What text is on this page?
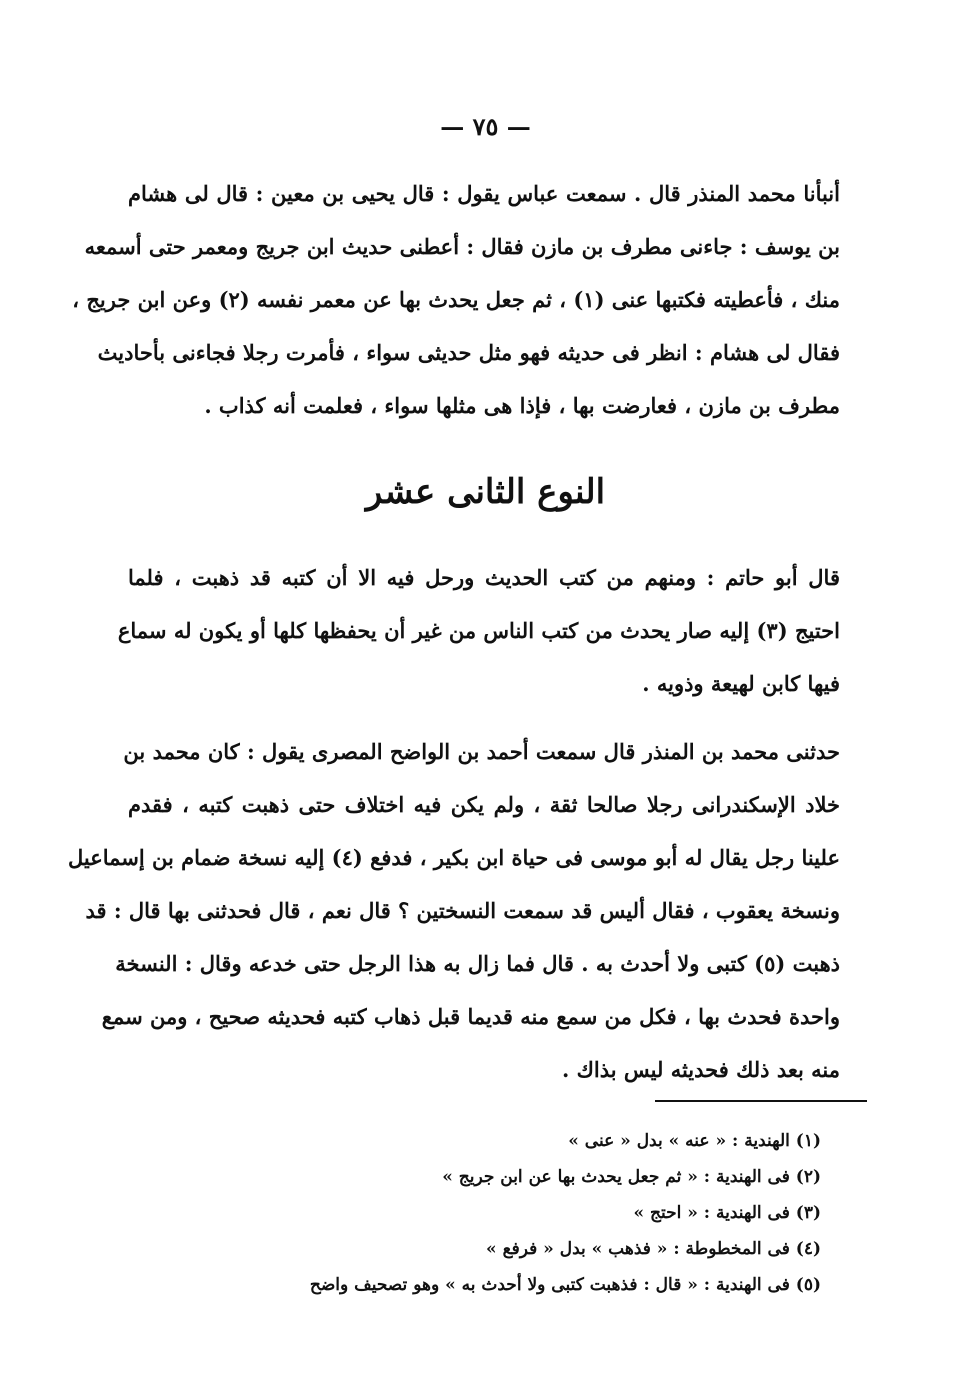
— ٧٥ —
أنبأنا محمد المنذر قال . سمعت عباس يقول : قال يحيى بن معين : قال لى هشام
بن يوسف : جاءنى مطرف بن مازن فقال : أعطنى حديث ابن جريج ومعمر حتى أسمعه
منك ، فأعطيته فكتبها عنى (١) ، ثم جعل يحدث بها عن معمر نفسه (٢) وعن ابن جريج ،
فقال لى هشام : انظر فى حديثه فهو مثل حديثى سواء ، فأمرت رجلا فجاءنى بأحاديث
مطرف بن مازن ، فعارضت بها ، فإذا هى مثلها سواء ، فعلمت أنه كذاب .
النوع الثانى عشر
قال أبو حاتم : ومنهم من كتب الحديث ورحل فيه الا أن كتبه قد ذهبت ، فلما
احتيج (٣) إليه صار يحدث من كتب الناس من غير أن يحفظها كلها أو يكون له سماع
فيها كابن لهيعة وذويه .
حدثنى محمد بن المنذر قال سمعت أحمد بن الواضح المصرى يقول : كان محمد بن
خلاد الإسكندرانى رجلا صالحا ثقة ، ولم يكن فيه اختلاف حتى ذهبت كتبه ، فقدم
علينا رجل يقال له أبو موسى فى حياة ابن بكير ، فدفع (٤) إليه نسخة ضمام بن إسماعيل
ونسخة يعقوب ، فقال أليس قد سمعت النسختين ؟ قال نعم ، قال فحدثنى بها قال : قد
ذهبت (٥) كتبى ولا أحدث به . قال فما زال به هذا الرجل حتى خدعه وقال : النسخة
واحدة فحدث بها ، فكل من سمع منه قديما قبل ذهاب كتبه فحديثه صحيح ، ومن سمع
منه بعد ذلك فحديثه ليس بذاك .
(١) الهندية : « عنه » بدل « عنى »
(٢) فى الهندية : « ثم جعل يحدث بها عن ابن جريج »
(٣) فى الهندية : « احتج »
(٤) فى المخطوطة : « فذهب » بدل « فرفع »
(٥) فى الهندية : « قال : فذهبت كتبى ولا أحدث به » وهو تصحيف واضح
